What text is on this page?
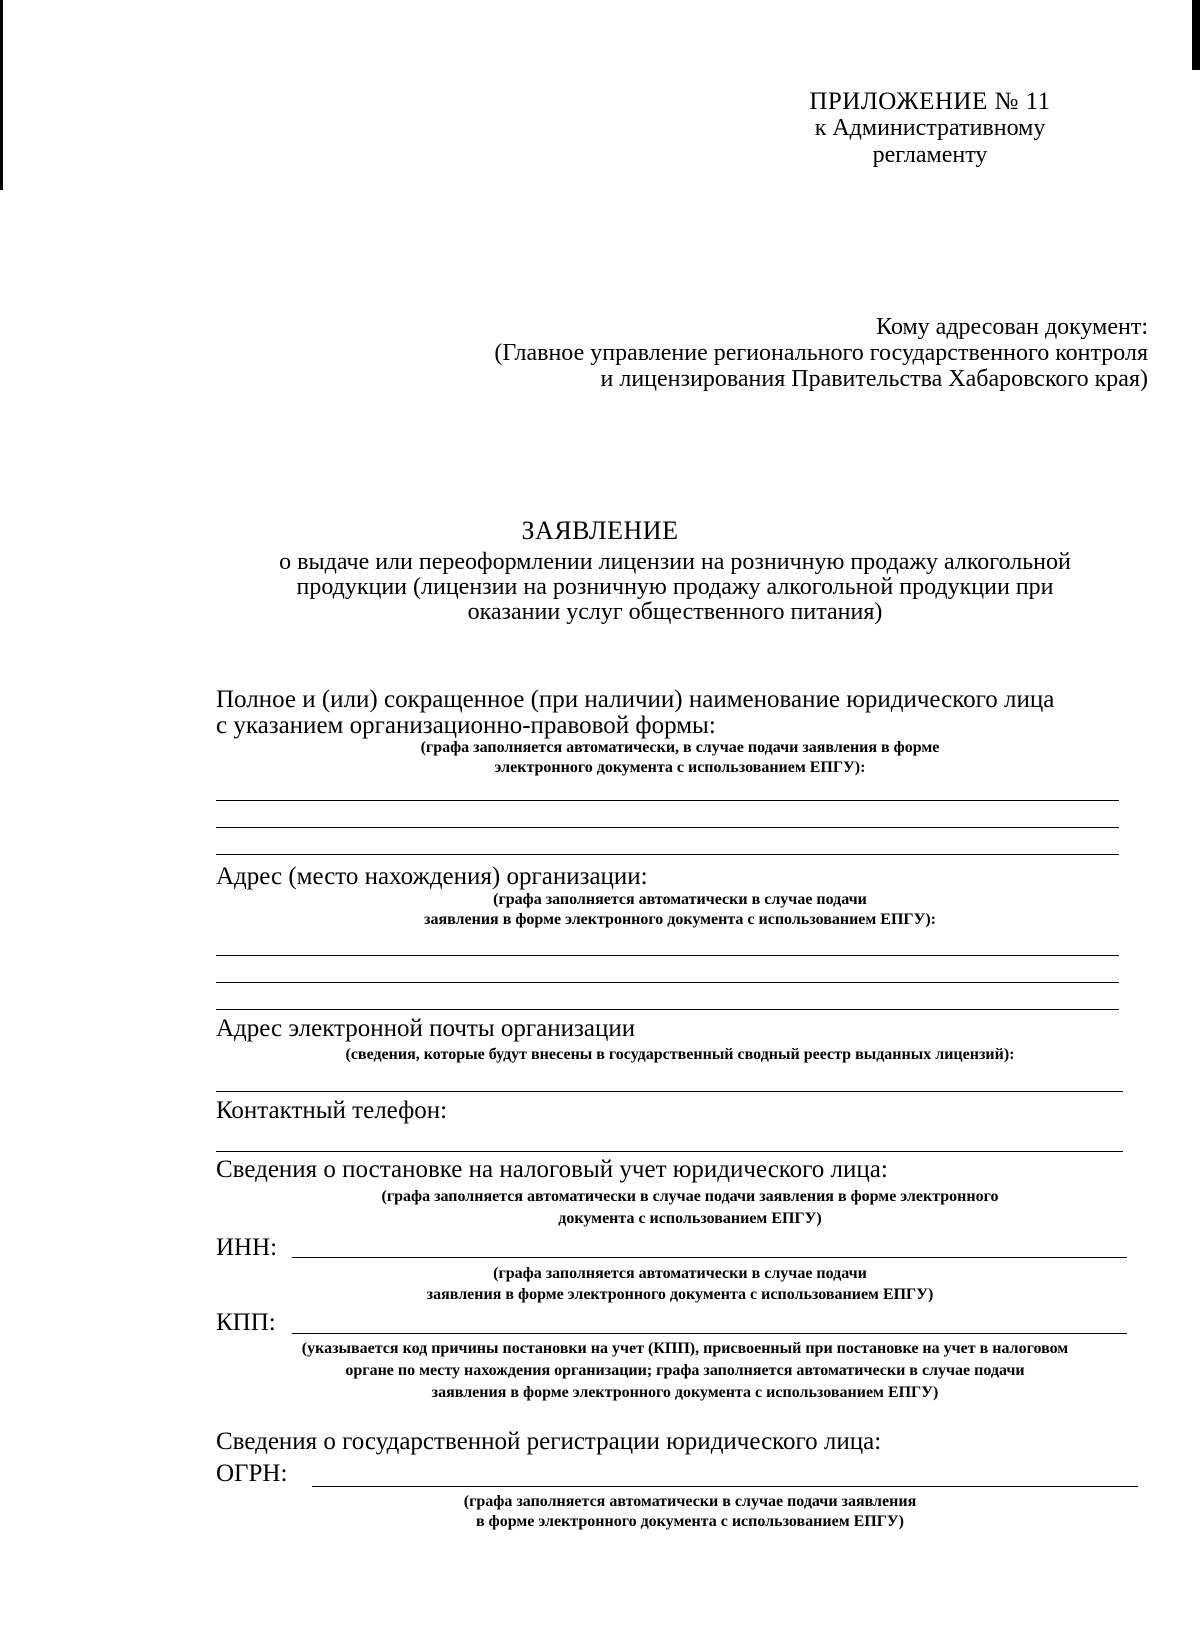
ПРИЛОЖЕНИЕ № 11
к Административному
регламенту
Кому адресован документ:
(Главное управление регионального государственного контроля
и лицензирования Правительства Хабаровского края)
ЗАЯВЛЕНИЕ
о выдаче или переоформлении лицензии на розничную продажу алкогольной
продукции (лицензии на розничную продажу алкогольной продукции при
оказании услуг общественного питания)
Полное и (или) сокращенное (при наличии) наименование юридического лица
с указанием организационно-правовой формы:
(графа заполняется автоматически, в случае подачи заявления в форме
электронного документа с использованием ЕПГУ):
Адрес (место нахождения) организации:
(графа заполняется автоматически в случае подачи
заявления в форме электронного документа с использованием ЕПГУ):
Адрес электронной почты организации
(сведения, которые будут внесены в государственный сводный реестр выданных лицензий):
Контактный телефон:
Сведения о постановке на налоговый учет юридического лица:
(графа заполняется автоматически в случае подачи заявления в форме электронного
документа с использованием ЕПГУ)
ИНН:
(графа заполняется автоматически в случае подачи
заявления в форме электронного документа с использованием ЕПГУ)
КПП:
(указывается код причины постановки на учет (КПП), присвоенный при постановке на учет в налоговом
органе по месту нахождения организации; графа заполняется автоматически в случае подачи
заявления в форме электронного документа с использованием ЕПГУ)
Сведения о государственной регистрации юридического лица:
ОГРН:
(графа заполняется автоматически в случае подачи заявления
в форме электронного документа с использованием ЕПГУ)
